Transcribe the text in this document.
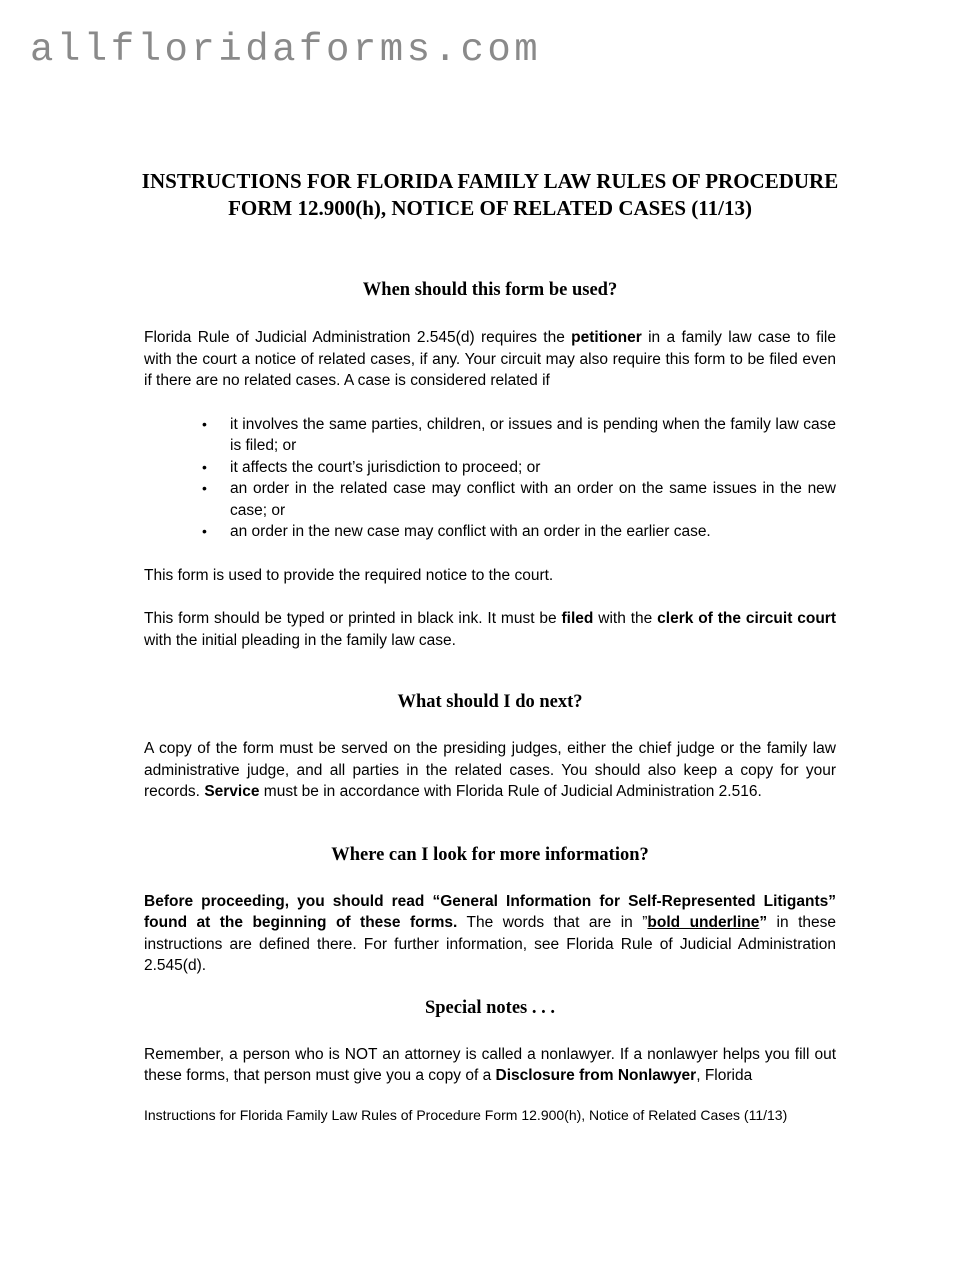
allfloridaforms.com
INSTRUCTIONS FOR FLORIDA FAMILY LAW RULES OF PROCEDURE
FORM 12.900(h), NOTICE OF RELATED CASES (11/13)
When should this form be used?

Florida Rule of Judicial Administration 2.545(d) requires the petitioner in a family law case to file with the court a notice of related cases, if any. Your circuit may also require this form to be filed even if there are no related cases. A case is considered related if

• it involves the same parties, children, or issues and is pending when the family law case is filed; or
• it affects the court’s jurisdiction to proceed; or
• an order in the related case may conflict with an order on the same issues in the new case; or
• an order in the new case may conflict with an order in the earlier case.

This form is used to provide the required notice to the court.

This form should be typed or printed in black ink. It must be filed with the clerk of the circuit court with the initial pleading in the family law case.

What should I do next?

A copy of the form must be served on the presiding judges, either the chief judge or the family law administrative judge, and all parties in the related cases. You should also keep a copy for your records. Service must be in accordance with Florida Rule of Judicial Administration 2.516.

Where can I look for more information?

Before proceeding, you should read “General Information for Self-Represented Litigants” found at the beginning of these forms. The words that are in ”bold underline” in these instructions are defined there. For further information, see Florida Rule of Judicial Administration 2.545(d).

Special notes . . .

Remember, a person who is NOT an attorney is called a nonlawyer. If a nonlawyer helps you fill out these forms, that person must give you a copy of a Disclosure from Nonlawyer, Florida

Instructions for Florida Family Law Rules of Procedure Form 12.900(h), Notice of Related Cases (11/13)
